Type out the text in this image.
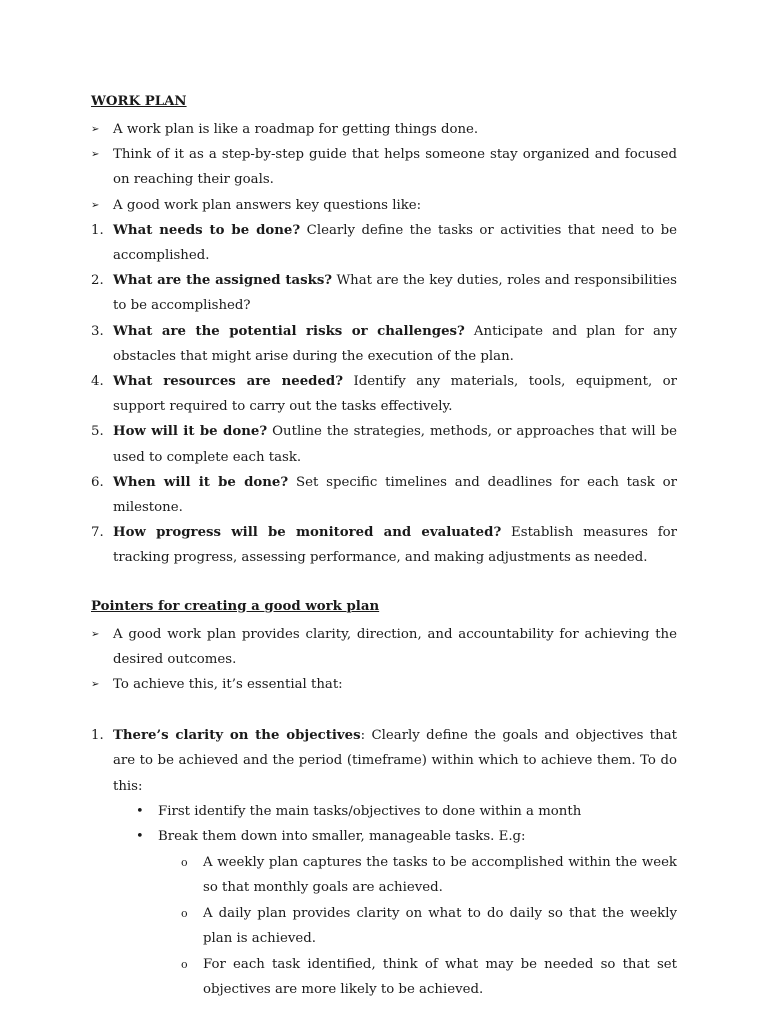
WORK PLAN
➢ A work plan is like a roadmap for getting things done.
➢ Think of it as a step-by-step guide that helps someone stay organized and focused on reaching their goals.
➢ A good work plan answers key questions like:
1. What needs to be done? Clearly define the tasks or activities that need to be accomplished.
2. What are the assigned tasks? What are the key duties, roles and responsibilities to be accomplished?
3. What are the potential risks or challenges? Anticipate and plan for any obstacles that might arise during the execution of the plan.
4. What resources are needed? Identify any materials, tools, equipment, or support required to carry out the tasks effectively.
5. How will it be done? Outline the strategies, methods, or approaches that will be used to complete each task.
6. When will it be done? Set specific timelines and deadlines for each task or milestone.
7. How progress will be monitored and evaluated? Establish measures for tracking progress, assessing performance, and making adjustments as needed.
Pointers for creating a good work plan
➢ A good work plan provides clarity, direction, and accountability for achieving the desired outcomes.
➢ To achieve this, it’s essential that:
1. There’s clarity on the objectives: Clearly define the goals and objectives that are to be achieved and the period (timeframe) within which to achieve them. To do this:
• First identify the main tasks/objectives to done within a month
• Break them down into smaller, manageable tasks. E.g:
o A weekly plan captures the tasks to be accomplished within the week so that monthly goals are achieved.
o A daily plan provides clarity on what to do daily so that the weekly plan is achieved.
o For each task identified, think of what may be needed so that set objectives are more likely to be achieved.
